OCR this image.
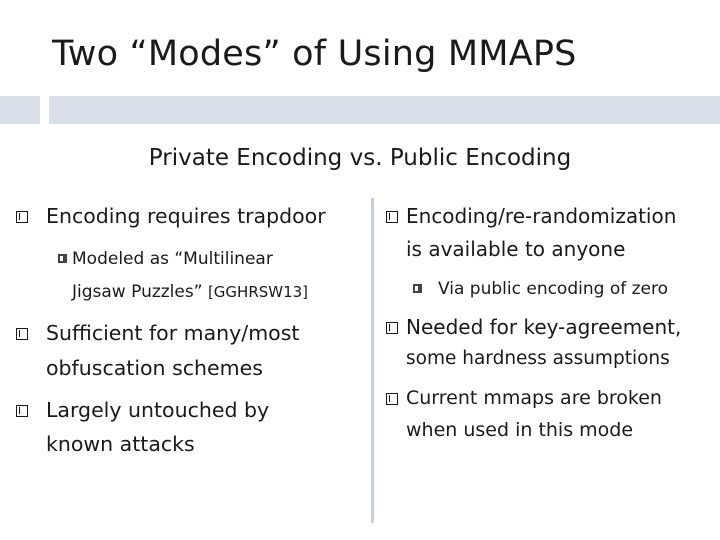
Two “Modes” of Using MMAPS
Private Encoding vs. Public Encoding
Encoding requires trapdoor
Modeled as “Multilinear
Jigsaw Puzzles” [GGHRSW13]
Sufficient for many/most
obfuscation schemes
Largely untouched by
known attacks
Encoding/re-randomization
is available to anyone
Via public encoding of zero
Needed for key-agreement,
some hardness assumptions
Current mmaps are broken
when used in this mode
